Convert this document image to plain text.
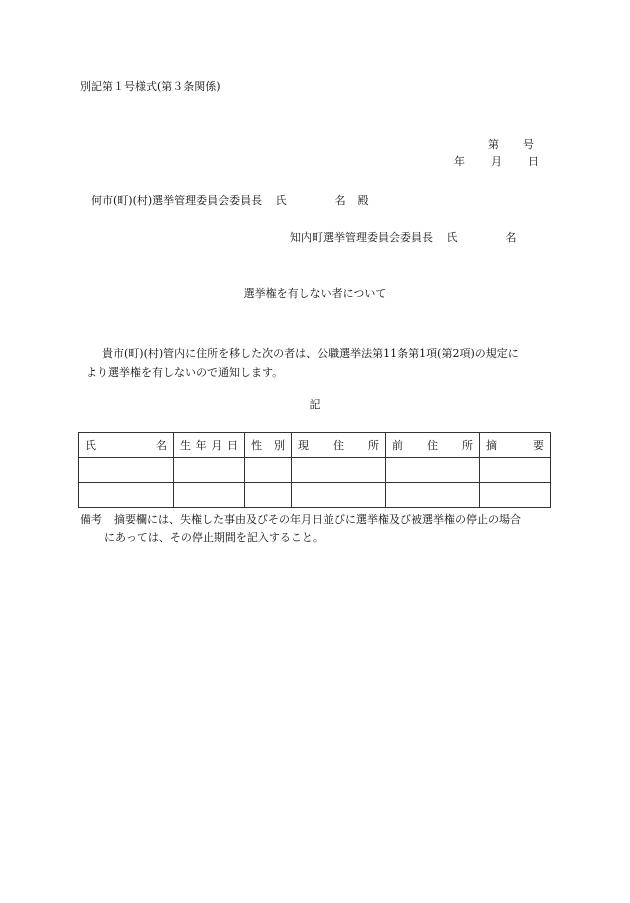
別記第１号様式(第３条関係)
第 号
年 月 日
何市(町)(村)選挙管理委員会委員長 氏	名 殿
知内町選挙管理委員会委員長 氏	名
選挙権を有しない者について
貴市(町)(村)管内に住所を移した次の者は、公職選挙法第11条第1項(第2項)の規定に
より選挙権を有しないので通知します。
記
氏 名	生 年 月 日	性 別	現 住 所	前 住 所	摘 要

備考 摘要欄には、失権した事由及びその年月日並びに選挙権及び被選挙権の停止の場合
にあっては、その停止期間を記入すること。
